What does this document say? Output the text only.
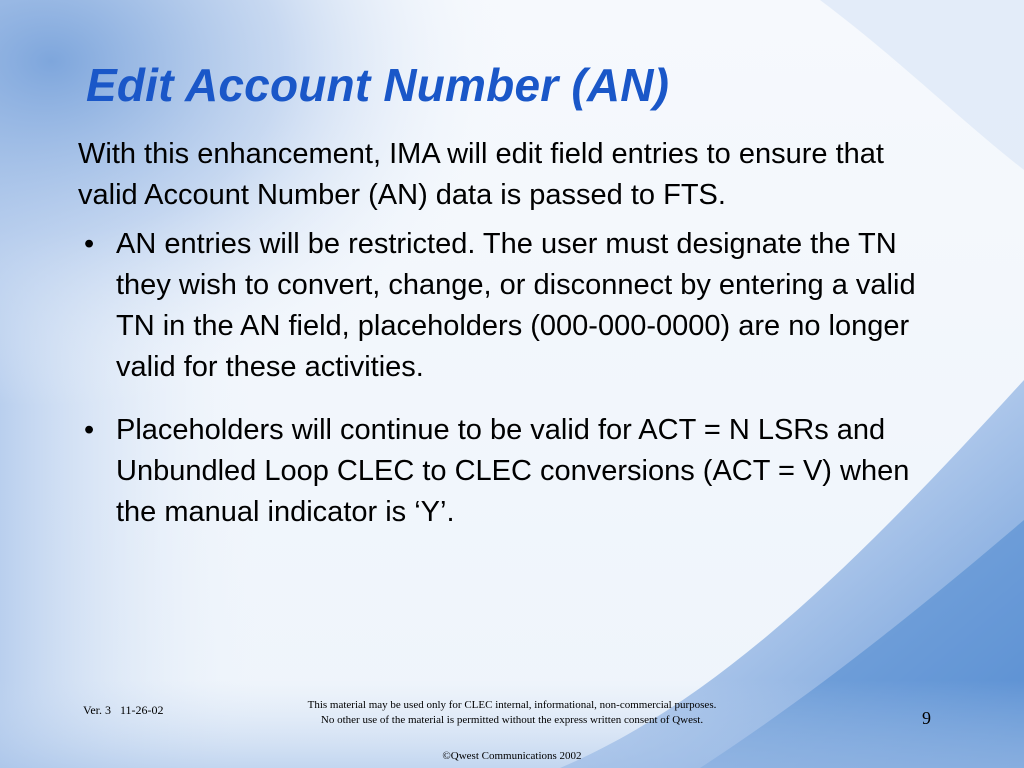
Edit Account Number (AN)

With this enhancement, IMA will edit field entries to ensure that valid Account Number (AN) data is passed to FTS.

• AN entries will be restricted. The user must designate the TN they wish to convert, change, or disconnect by entering a valid TN in the AN field, placeholders (000-000-0000) are no longer valid for these activities.
• Placeholders will continue to be valid for ACT = N LSRs and Unbundled Loop CLEC to CLEC conversions (ACT = V) when the manual indicator is ‘Y’.
Ver. 3   11-26-02	This material may be used only for CLEC internal, informational, non-commercial purposes.
No other use of the material is permitted without the express written consent of Qwest.	9
©Qwest Communications 2002
